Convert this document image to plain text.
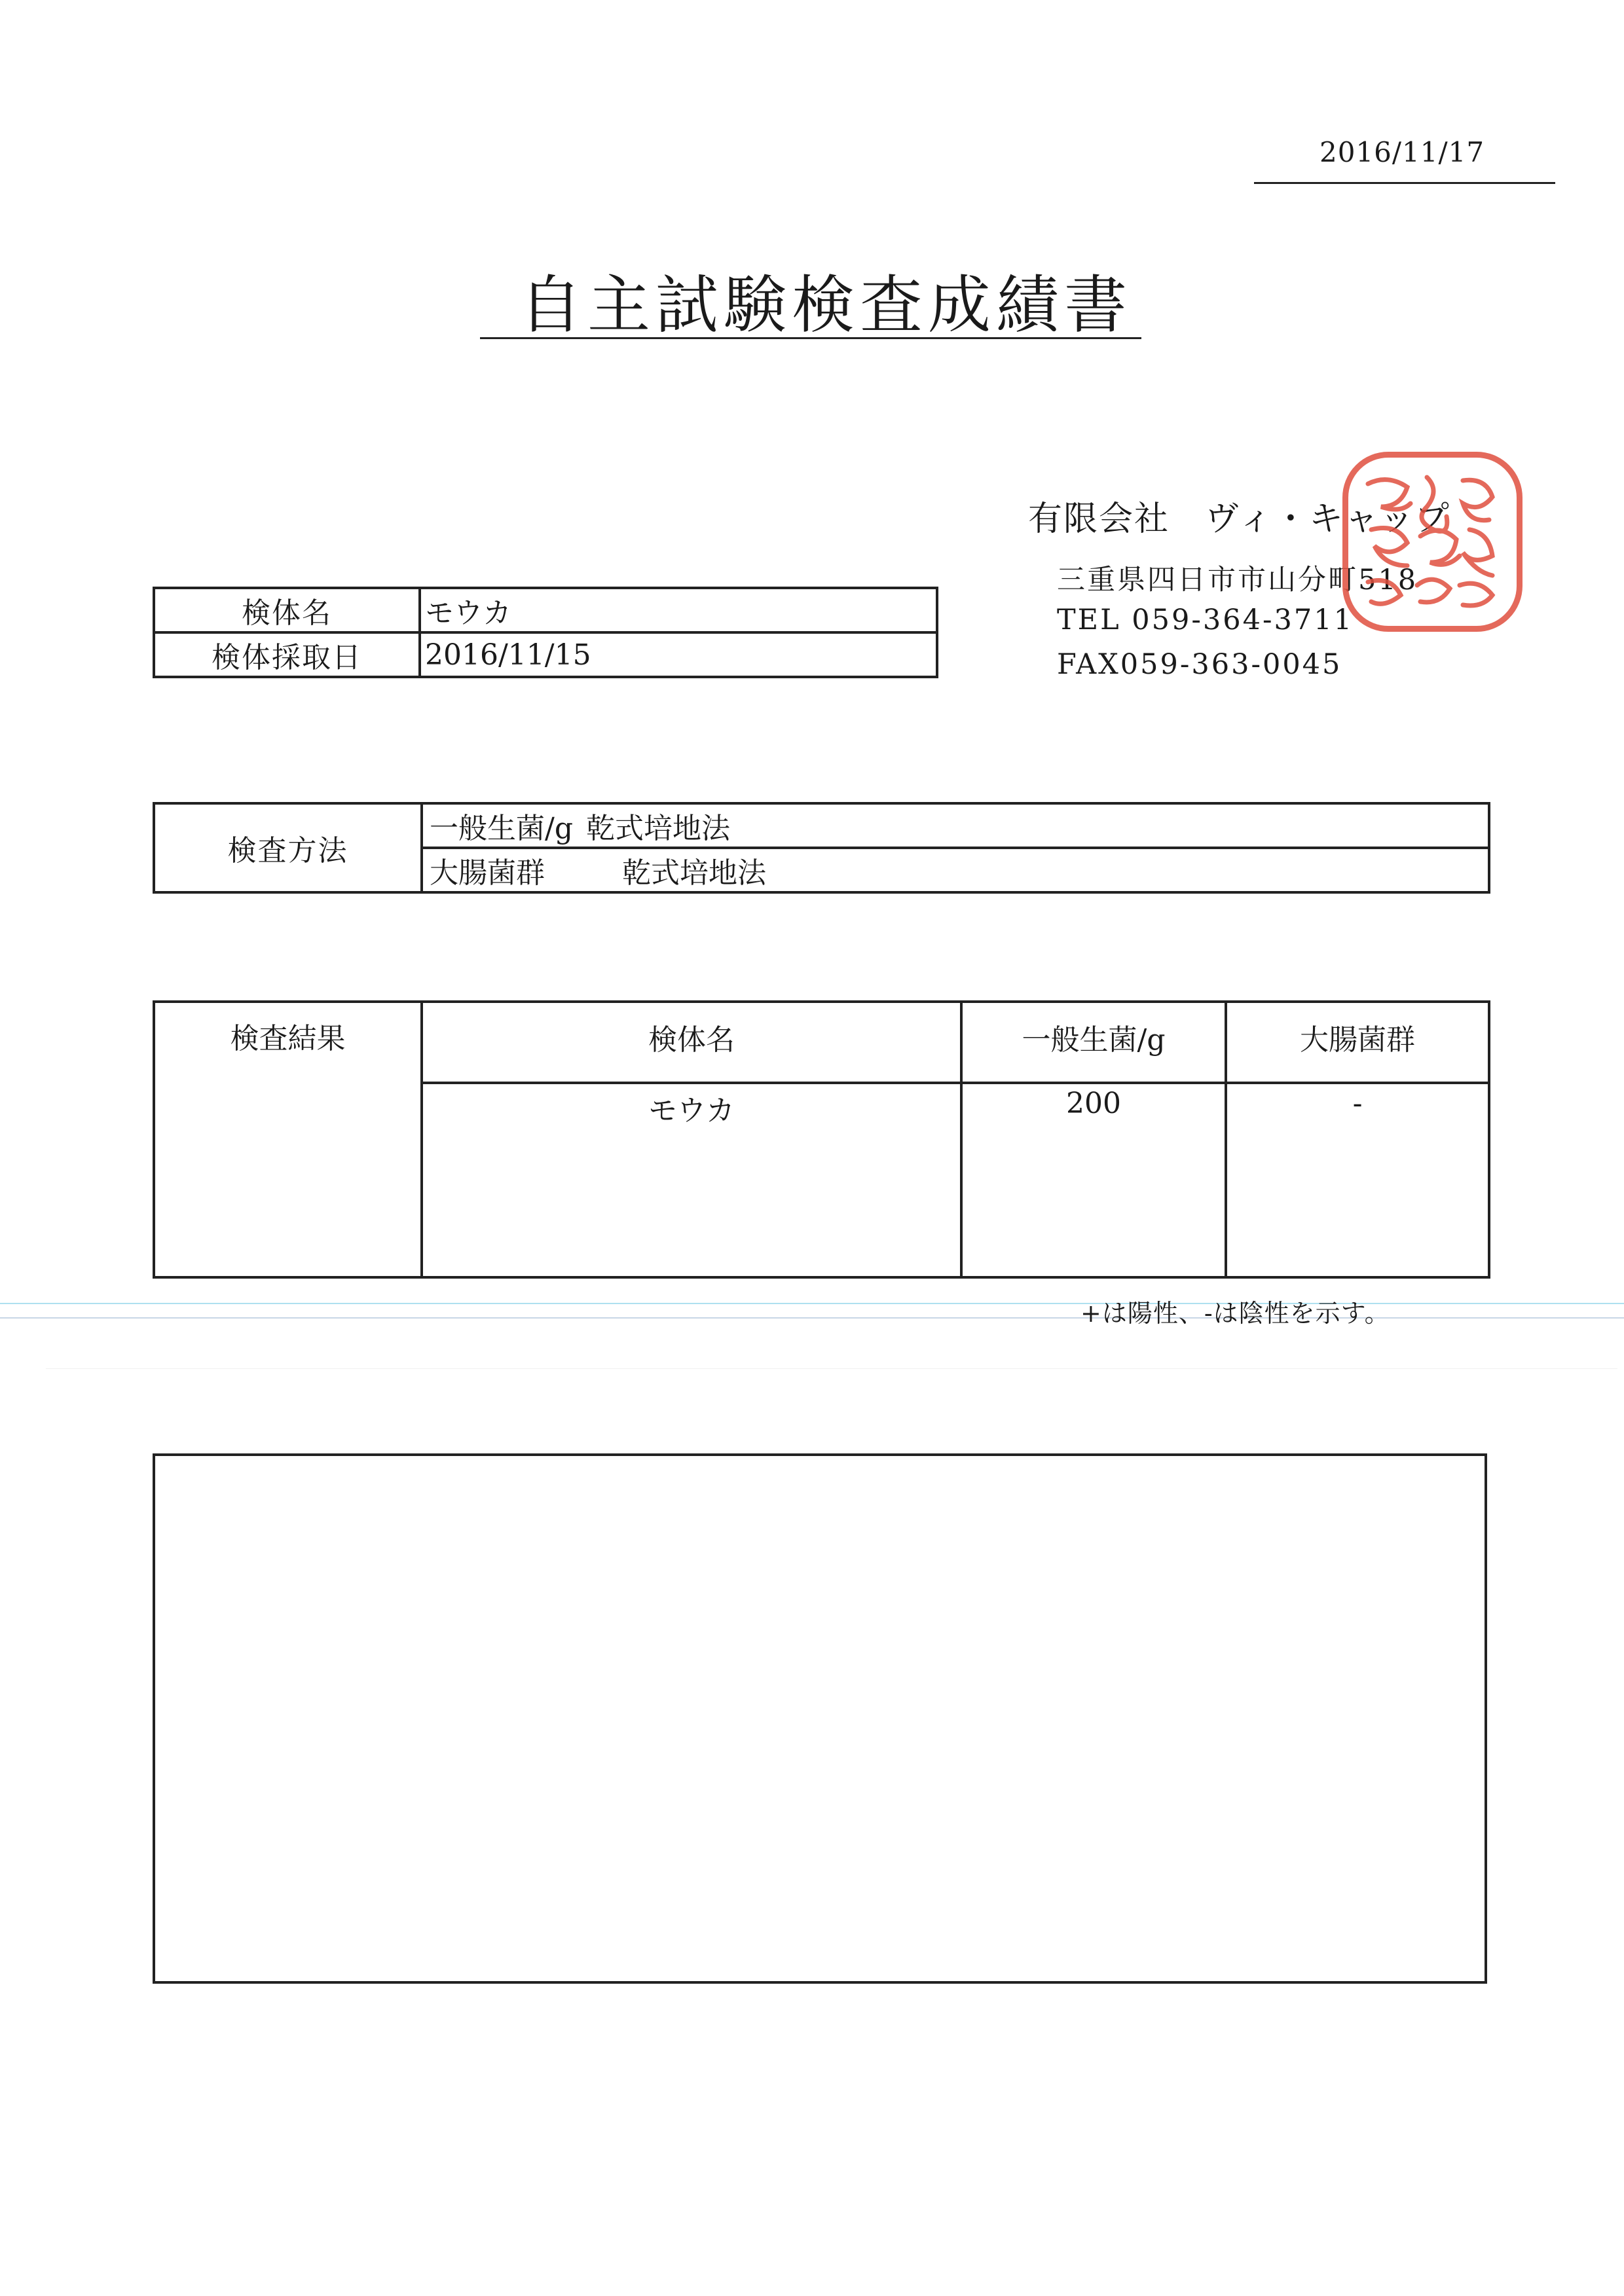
2016/11/17
自主試験検査成績書
有限会社　ヴィ・キャップ
三重県四日市市山分町518
TEL 059-364-3711
FAX059-363-0045
検体名	モウカ
検体採取日	2016/11/15
検査方法	一般生菌/g 乾式培地法
大腸菌群	乾式培地法
検査結果	検体名	一般生菌/g	大腸菌群
	モウカ	200	-
+は陽性、-は陰性を示す。
